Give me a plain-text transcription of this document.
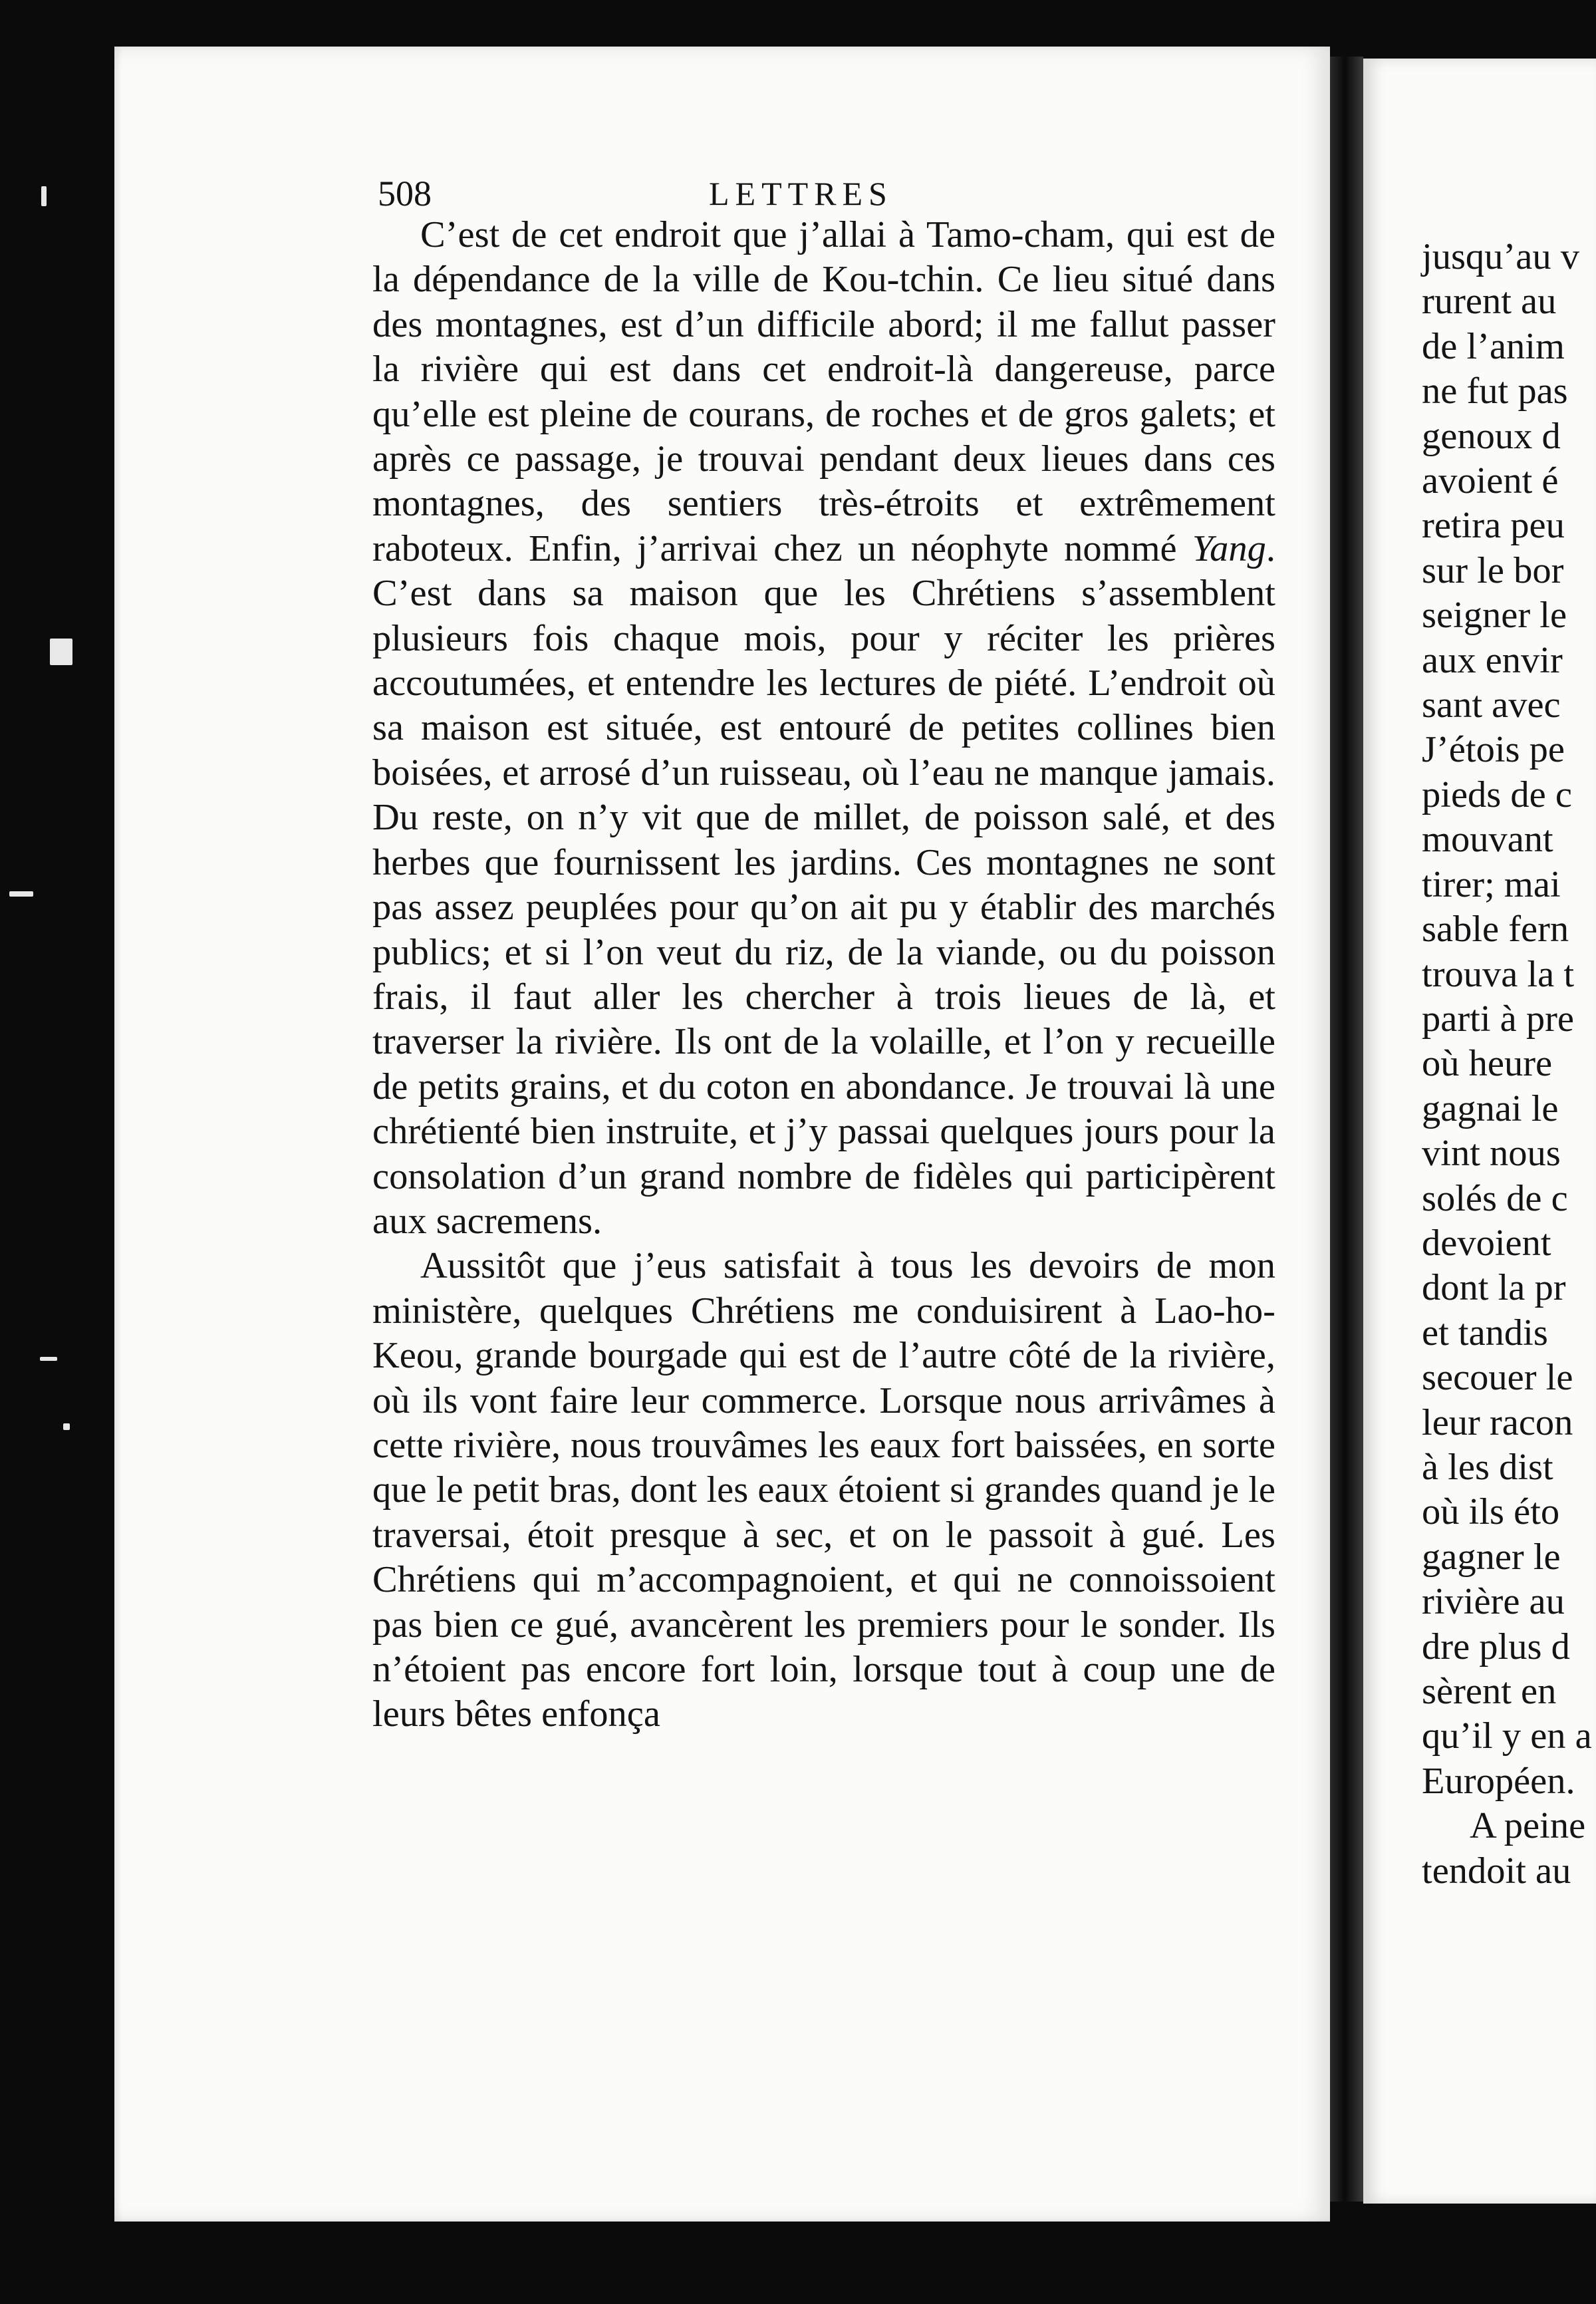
508	LETTRES

C’est de cet endroit que j’allai à Tamo-cham, qui est de la dépendance de la ville de Kou-tchin. Ce lieu situé dans des montagnes, est d’un difficile abord; il me fallut passer la rivière qui est dans cet endroit-là dangereuse, parce qu’elle est pleine de courans, de roches et de gros galets; et après ce passage, je trouvai pendant deux lieues dans ces montagnes, des sentiers très-étroits et extrêmement raboteux. Enfin, j’arrivai chez un néophyte nommé Yang. C’est dans sa maison que les Chrétiens s’assemblent plusieurs fois chaque mois, pour y réciter les prières accoutumées, et entendre les lectures de piété. L’endroit où sa maison est située, est entouré de petites collines bien boisées, et arrosé d’un ruisseau, où l’eau ne manque jamais. Du reste, on n’y vit que de millet, de poisson salé, et des herbes que fournissent les jardins. Ces montagnes ne sont pas assez peuplées pour qu’on ait pu y établir des marchés publics; et si l’on veut du riz, de la viande, ou du poisson frais, il faut aller les chercher à trois lieues de là, et traverser la rivière. Ils ont de la volaille, et l’on y recueille de petits grains, et du coton en abondance. Je trouvai là une chrétienté bien instruite, et j’y passai quelques jours pour la consolation d’un grand nombre de fidèles qui participèrent aux sacremens.

Aussitôt que j’eus satisfait à tous les devoirs de mon ministère, quelques Chrétiens me conduisirent à Lao-ho-Keou, grande bourgade qui est de l’autre côté de la rivière, où ils vont faire leur commerce. Lorsque nous arrivâmes à cette rivière, nous trouvâmes les eaux fort baissées, en sorte que le petit bras, dont les eaux étoient si grandes quand je le traversai, étoit presque à sec, et on le passoit à gué. Les Chrétiens qui m’accompagnoient, et qui ne connoissoient pas bien ce gué, avancèrent les premiers pour le sonder. Ils n’étoient pas encore fort loin, lorsque tout à coup une de leurs bêtes enfonça

jusqu’au v
rurent au
de l’anim
ne fut pas
genoux d
avoient é
retira peu
sur le bor
seigner le
aux envir
sant avec
J’étois pe
pieds de c
mouvant
tirer; mai
sable fern
trouva la t
parti à pre
où heure
gagnai le
vint nous
solés de c
devoient
dont la pr
et tandis
secouer le
leur racon
à les dist
où ils éto
gagner le
rivière au
dre plus d
sèrent en
qu’il y en a
Européen.
A peine
tendoit au
